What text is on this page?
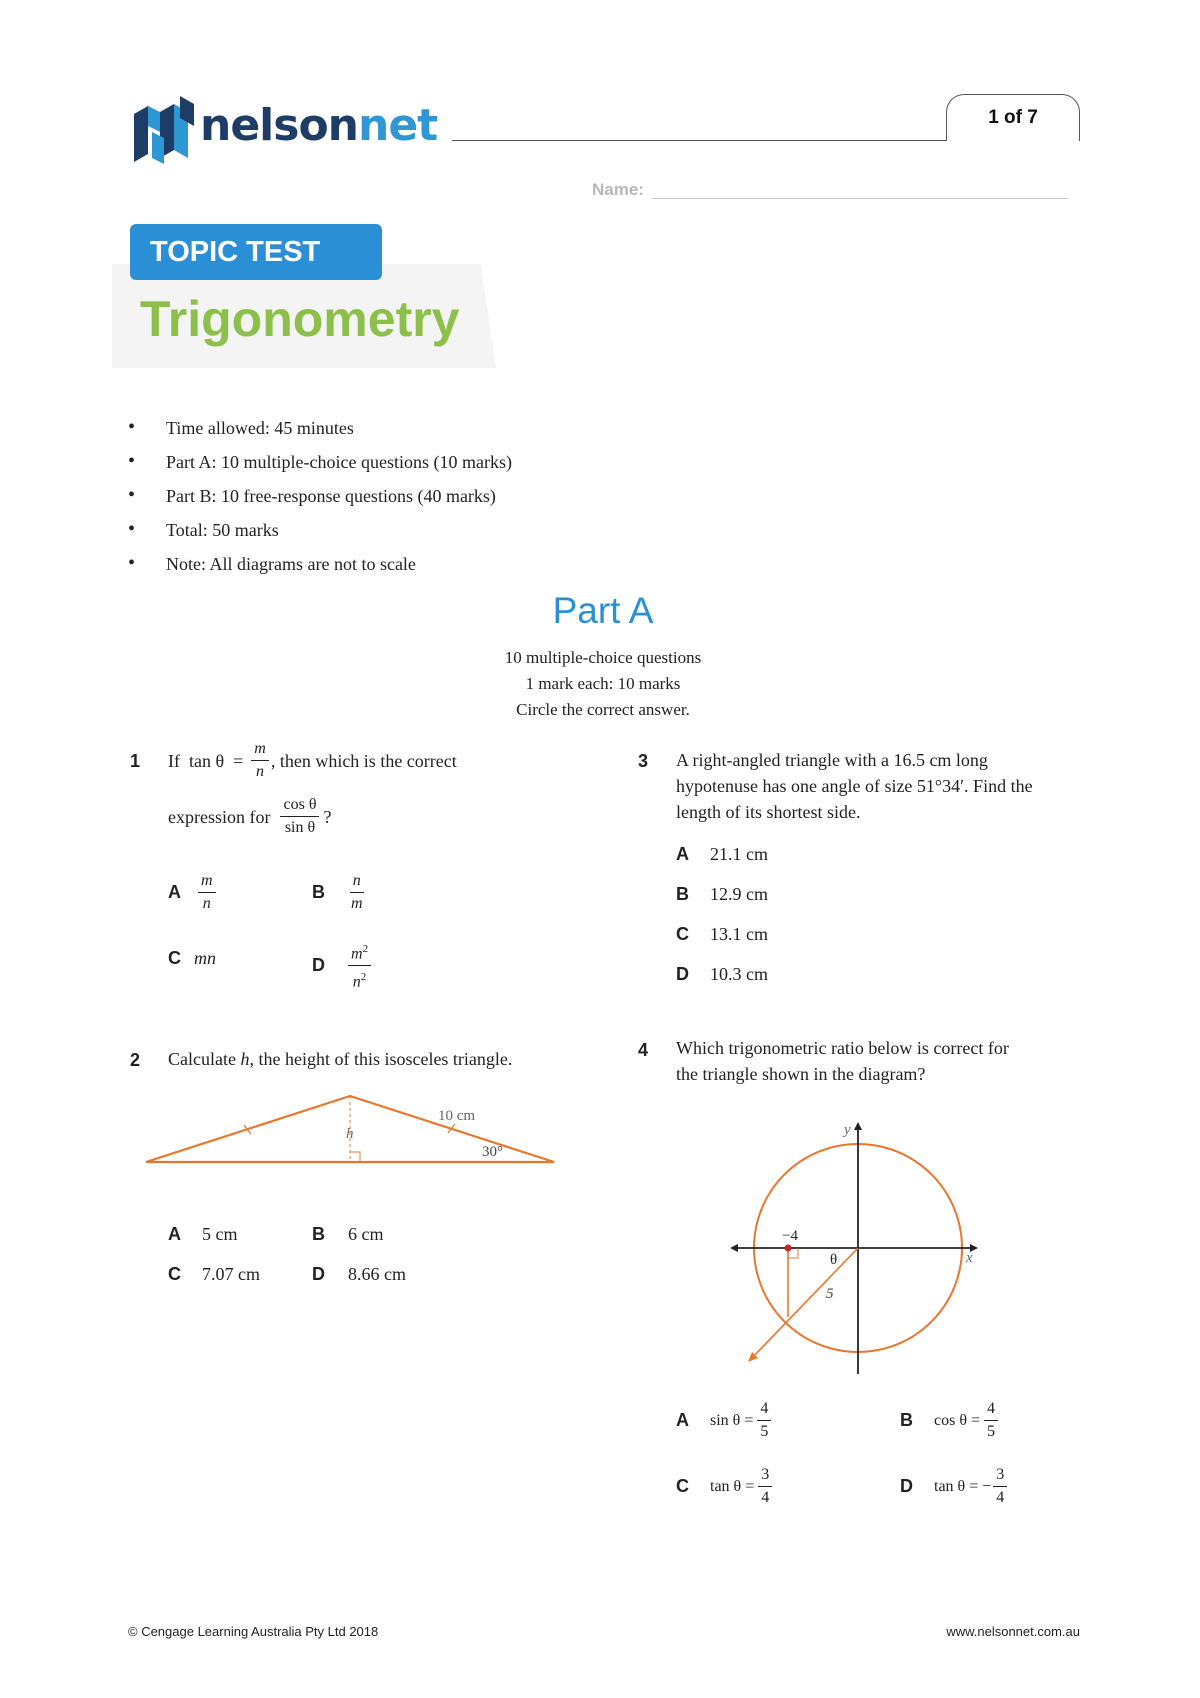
nelsonnet	1 of 7
Name:
Trigonometry
TOPIC TEST
• Time allowed: 45 minutes
• Part A: 10 multiple-choice questions (10 marks)
• Part B: 10 free-response questions (40 marks)
• Total: 50 marks
• Note: All diagrams are not to scale
Part A
10 multiple-choice questions
1 mark each: 10 marks
Circle the correct answer.
1 If  $\tan \theta = \frac{m}{n}$ , then which is the correct
expression for $\frac{\text{cos θ}}{\text{sin θ}}$ ?
A	$\frac{m}{n}$	B	$\frac{n}{m}$
C mn	D	$\frac{m^2}{n^2}$
2 Calculate h, the height of this isosceles triangle.
10 cm
h
30°
A	5 cm	B	6 cm
C	7.07 cm	D	8.66 cm
3 A right-angled triangle with a 16.5 cm long
hypotenuse has one angle of size 51°34′. Find the
length of its shortest side.
A	21.1 cm
B	12.9 cm
C	13.1 cm
D	10.3 cm
4 Which trigonometric ratio below is correct for
the triangle shown in the diagram?
y
x
−4
θ
5
A	$\sin \theta = \frac{4}{5}$	B	$\cos \theta = \frac{4}{5}$
C	$\tan \theta = \frac{3}{4}$	D	tan θ = − $\frac{3}{4}$
© Cengage Learning Australia Pty Ltd 2018	www.nelsonnet.com.au
